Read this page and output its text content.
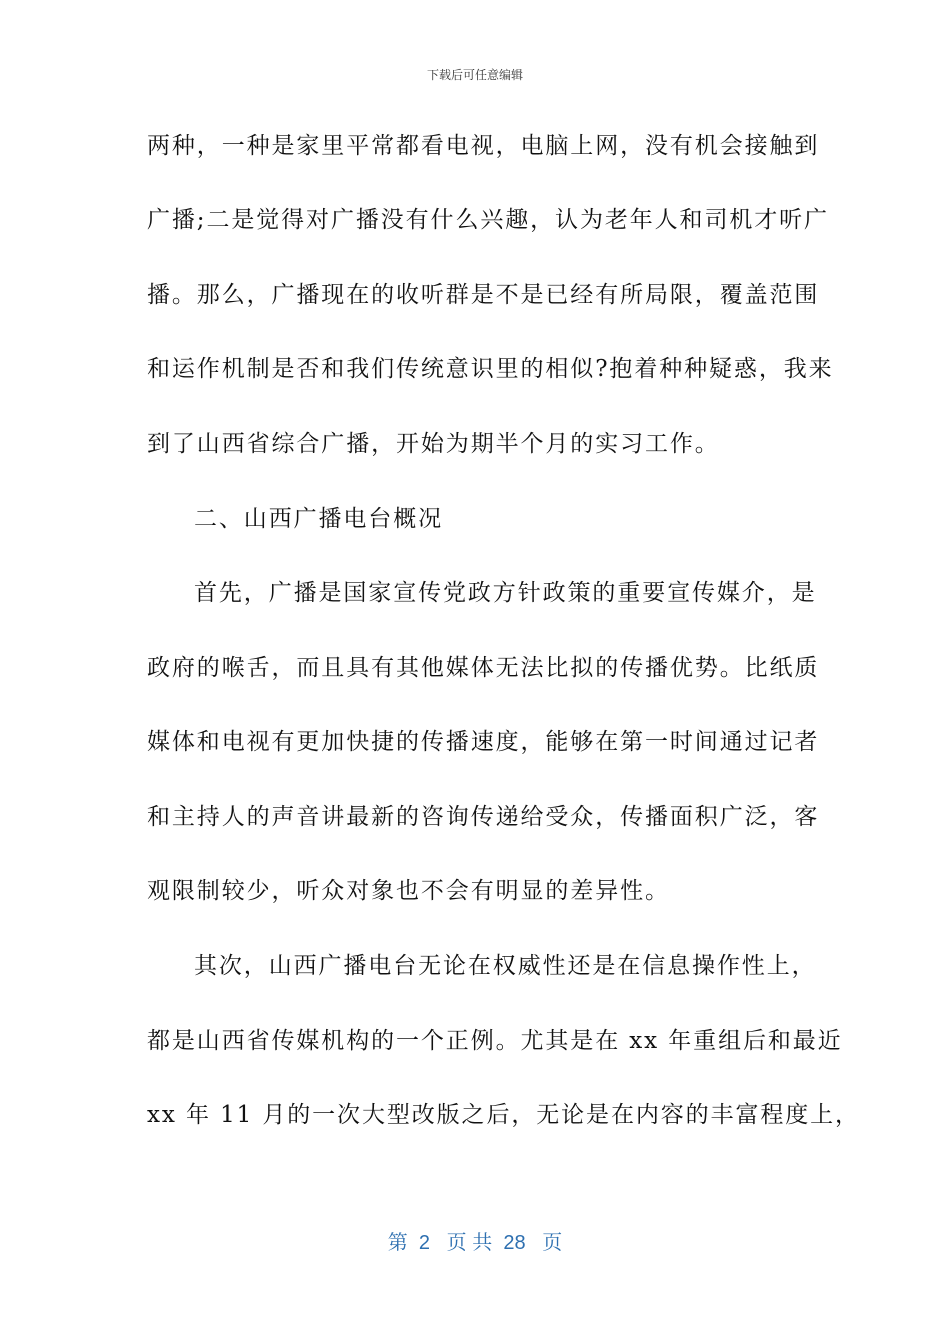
下载后可任意编辑
两种，一种是家里平常都看电视，电脑上网，没有机会接触到
广播;二是觉得对广播没有什么兴趣，认为老年人和司机才听广
播。那么，广播现在的收听群是不是已经有所局限，覆盖范围
和运作机制是否和我们传统意识里的相似?抱着种种疑惑，我来
到了山西省综合广播，开始为期半个月的实习工作。
二、山西广播电台概况
首先，广播是国家宣传党政方针政策的重要宣传媒介，是
政府的喉舌，而且具有其他媒体无法比拟的传播优势。比纸质
媒体和电视有更加快捷的传播速度，能够在第一时间通过记者
和主持人的声音讲最新的咨询传递给受众，传播面积广泛，客
观限制较少，听众对象也不会有明显的差异性。
其次，山西广播电台无论在权威性还是在信息操作性上，
都是山西省传媒机构的一个正例。尤其是在 xx 年重组后和最近
xx 年 11 月的一次大型改版之后，无论是在内容的丰富程度上，
第  2   页 共  28   页
